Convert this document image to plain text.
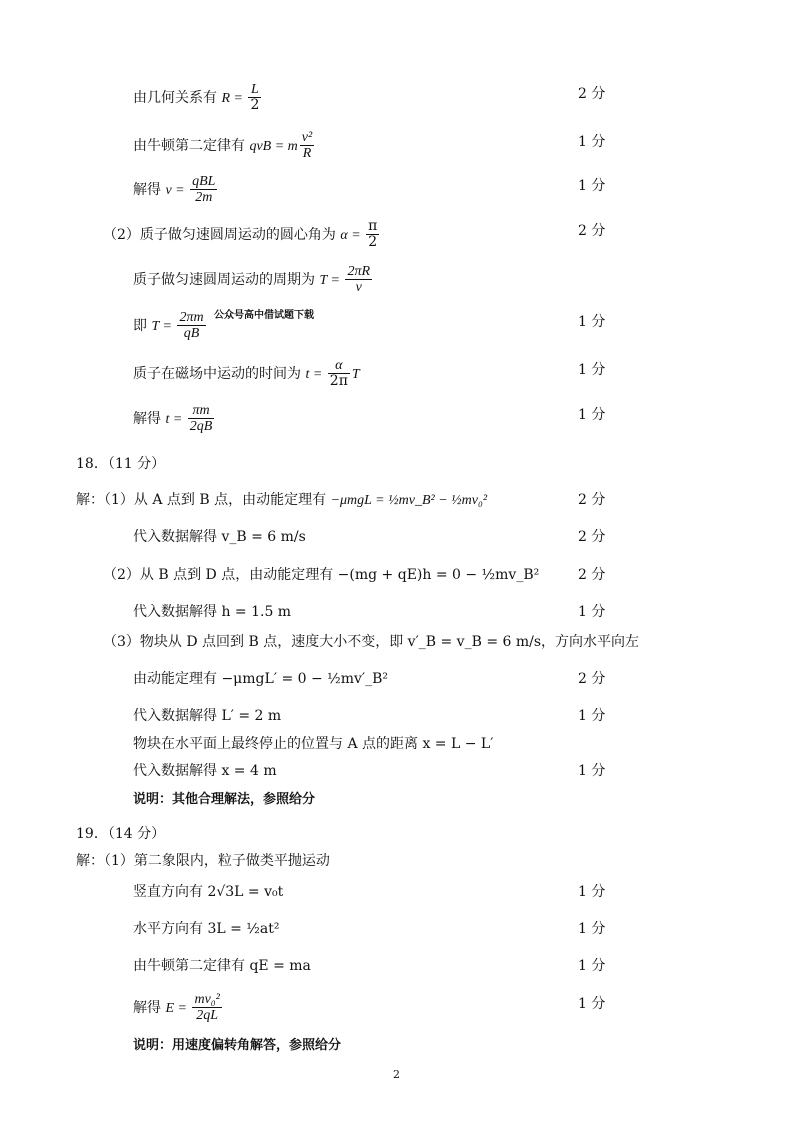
由几何关系有 $R = \frac{L}{2}$	2 分
由牛顿第二定律有 qvB = m $\frac{\text{v²}}{R}$	1 分
解得 $v = \frac{\text{qBL}}{2m}$	1 分
（2）质子做匀速圆周运动的圆心角为 $\alpha = \frac{\pi}{2}$	2 分
质子做匀速圆周运动的周期为 $T = \frac{2\pi R}{v}$
即 $T = \frac{2\pi m}{qB}$ 公众号高中借试题下载	1 分
质子在磁场中运动的时间为 $t = \frac{\alpha}{2\pi}$ T	1 分
解得 $t = \frac{\pi m}{2qB}$	1 分
18．（11 分）
解：（1）从 A 点到 B 点，由动能定理有 −μmgL = ½mv_B² − ½mv₀²	2 分
代入数据解得 v_B = 6 m/s	2 分
（2）从 B 点到 D 点，由动能定理有 −(mg + qE)h = 0 − ½mv_B²	2 分
代入数据解得 h = 1.5 m	1 分
（3）物块从 D 点回到 B 点，速度大小不变，即 v′_B = v_B = 6 m/s，方向水平向左
由动能定理有 −μmgL′ = 0 − ½mv′_B²	2 分
代入数据解得 L′ = 2 m	1 分
物块在水平面上最终停止的位置与 A 点的距离 x = L − L′
代入数据解得 x = 4 m	1 分
说明：其他合理解法，参照给分
19．（14 分）
解：（1）第二象限内，粒子做类平抛运动
竖直方向有 2√3L = v₀t	1 分
水平方向有 3L = ½at²	1 分
由牛顿第二定律有 qE = ma	1 分
解得 $E = \frac{\text{mv₀²}}{2qL}$	1 分
说明：用速度偏转角解答，参照给分
2
